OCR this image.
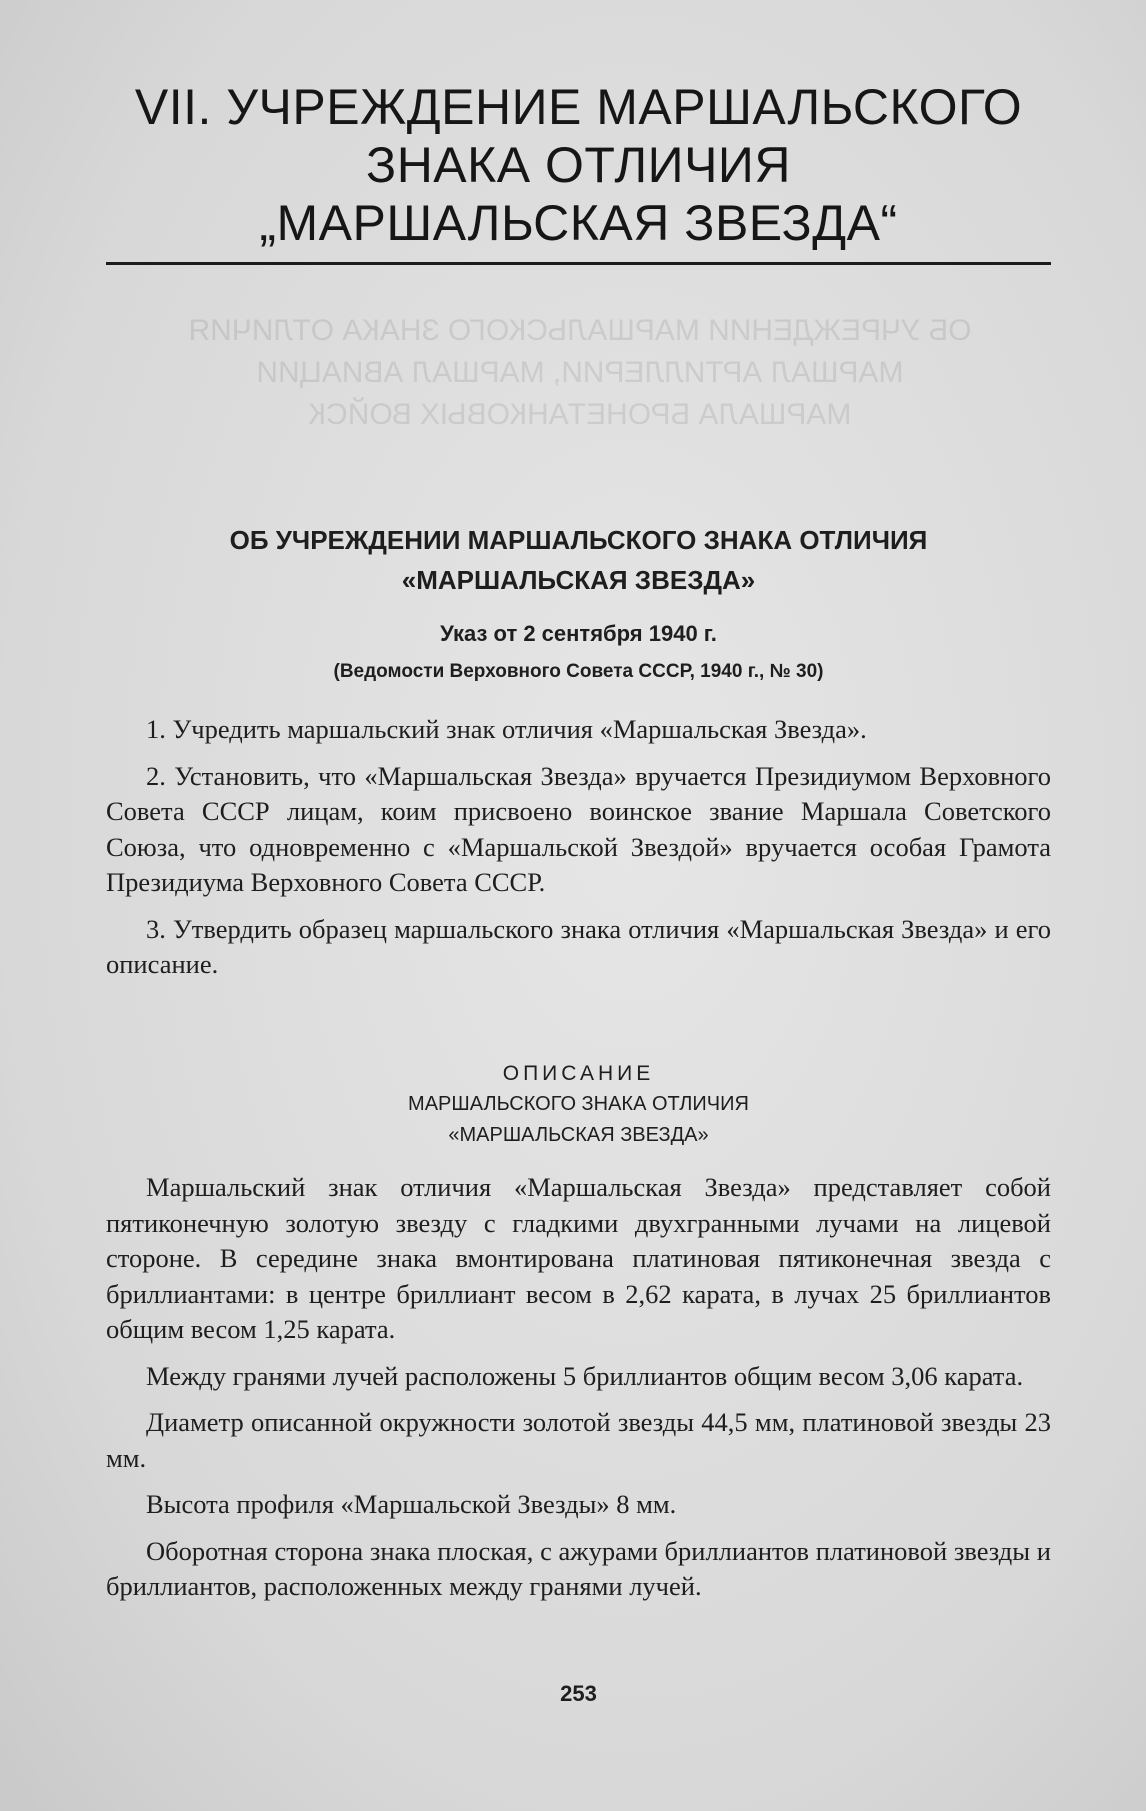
ОБ УЧРЕЖДЕНИИ МАРШАЛЬСКОГО ЗНАКА ОТЛИЧИЯ
МАРШАЛ АРТИЛЛЕРИИ, МАРШАЛ АВИАЦИИ
МАРШАЛА БРОНЕТАНКОВЫХ ВОЙСК
VII. УЧРЕЖДЕНИЕ МАРШАЛЬСКОГО
ЗНАКА ОТЛИЧИЯ
„МАРШАЛЬСКАЯ ЗВЕЗДА“
ОБ УЧРЕЖДЕНИИ МАРШАЛЬСКОГО ЗНАКА ОТЛИЧИЯ
«МАРШАЛЬСКАЯ ЗВЕЗДА»
Указ от 2 сентября 1940 г.
(Ведомости Верховного Совета СССР, 1940 г., № 30)

1. Учредить маршальский знак отличия «Маршальская Звезда».

2. Установить, что «Маршальская Звезда» вручается Президиумом Верховного Совета СССР лицам, коим присвоено воинское звание Маршала Советского Союза, что одновременно с «Маршальской Звездой» вручается особая Грамота Президиума Верховного Совета СССР.

3. Утвердить образец маршальского знака отличия «Маршальская Звезда» и его описание.

ОПИСАНИЕ
МАРШАЛЬСКОГО ЗНАКА ОТЛИЧИЯ
«МАРШАЛЬСКАЯ ЗВЕЗДА»

Маршальский знак отличия «Маршальская Звезда» представляет собой пятиконечную золотую звезду с гладкими двухгранными лучами на лицевой стороне. В середине знака вмонтирована платиновая пятиконечная звезда с бриллиантами: в центре бриллиант весом в 2,62 карата, в лучах 25 бриллиантов общим весом 1,25 карата.

Между гранями лучей расположены 5 бриллиантов общим весом 3,06 карата.

Диаметр описанной окружности золотой звезды 44,5 мм, платиновой звезды 23 мм.

Высота профиля «Маршальской Звезды» 8 мм.

Оборотная сторона знака плоская, с ажурами бриллиантов платиновой звезды и бриллиантов, расположенных между гранями лучей.

253
